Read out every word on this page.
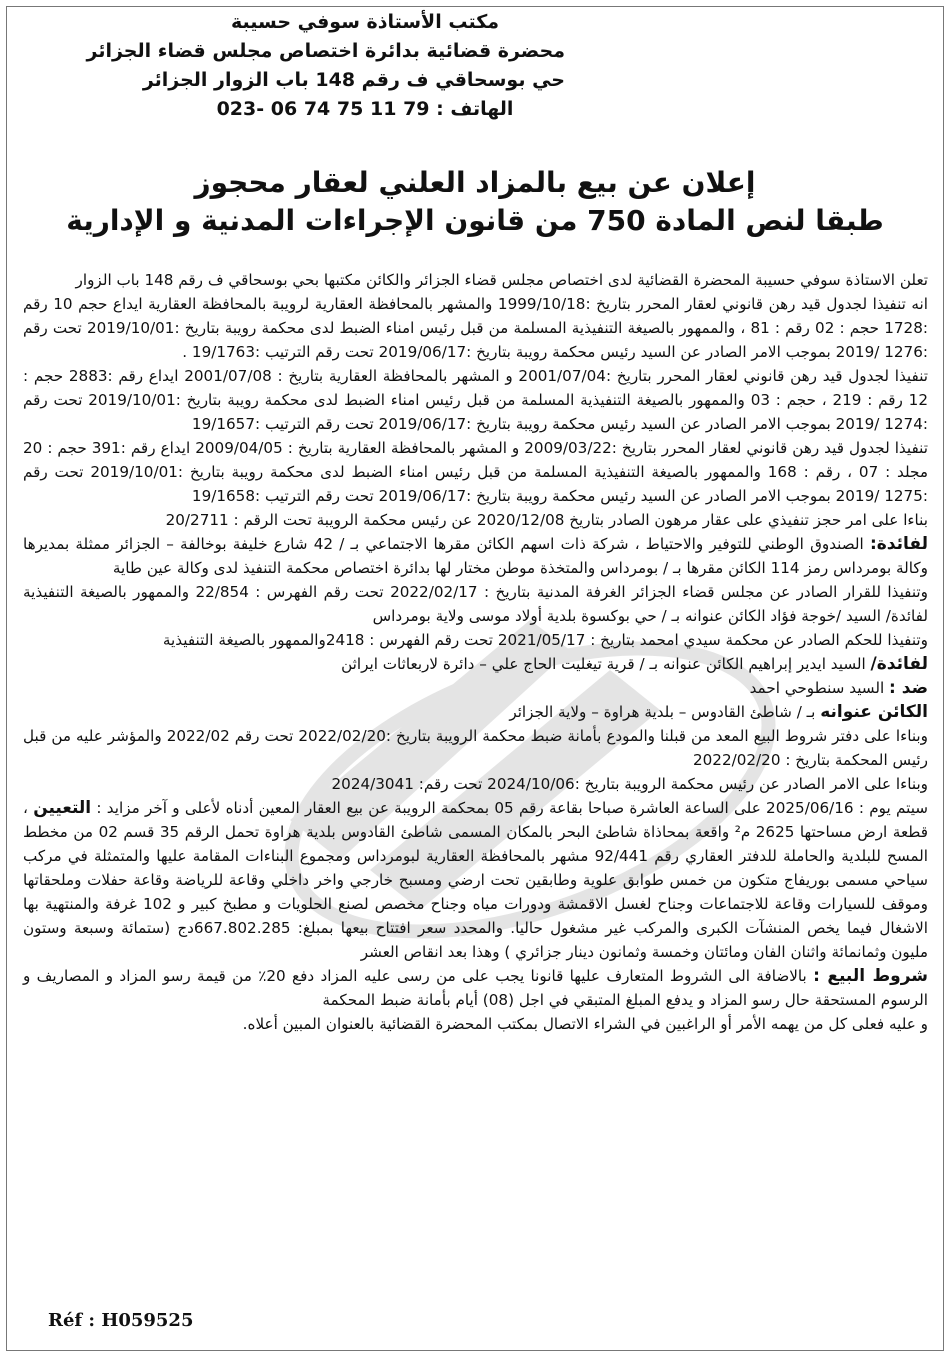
مكتب الأستاذة سوفي حسيبة
محضرة قضائية بدائرة اختصاص مجلس قضاء الجزائر
حي بوسحاقي ف رقم 148 باب الزوار الجزائر
الهاتف : 79 11 75 74 06 -023
إعلان عن بيع بالمزاد العلني لعقار محجوز
طبقا لنص المادة 750 من قانون الإجراءات المدنية و الإدارية

تعلن الاستاذة سوفي حسيبة المحضرة القضائية لدى اختصاص مجلس قضاء الجزائر والكائن مكتبها بحي بوسحاقي ف رقم 148 باب الزوار

انه تنفيذا لجدول قيد رهن قانوني لعقار المحرر بتاريخ :1999/10/18 والمشهر بالمحافظة العقارية لرويبة بالمحافظة العقارية ايداع حجم 10 رقم :1728 حجم : 02 رقم : 81 ، والممهور بالصيغة التنفيذية المسلمة من قبل رئيس امناء الضبط لدى محكمة رويبة بتاريخ :2019/10/01 تحت رقم :1276 /2019 بموجب الامر الصادر عن السيد رئيس محكمة رويبة بتاريخ :2019/06/17 تحت رقم الترتيب :19/1763 .

تنفيذا لجدول قيد رهن قانوني لعقار المحرر بتاريخ :2001/07/04 و المشهر بالمحافظة العقارية بتاريخ : 2001/07/08 ايداع رقم :2883 حجم : 12 رقم : 219 ، حجم : 03 والممهور بالصيغة التنفيذية المسلمة من قبل رئيس امناء الضبط لدى محكمة رويبة بتاريخ :2019/10/01 تحت رقم :1274 /2019 بموجب الامر الصادر عن السيد رئيس محكمة رويبة بتاريخ :2019/06/17 تحت رقم الترتيب :19/1657

تنفيذا لجدول قيد رهن قانوني لعقار المحرر بتاريخ :2009/03/22 و المشهر بالمحافظة العقارية بتاريخ : 2009/04/05 ايداع رقم :391 حجم : 20 مجلد : 07 ، رقم : 168 والممهور بالصيغة التنفيذية المسلمة من قبل رئيس امناء الضبط لدى محكمة رويبة بتاريخ :2019/10/01 تحت رقم :1275 /2019 بموجب الامر الصادر عن السيد رئيس محكمة رويبة بتاريخ :2019/06/17 تحت رقم الترتيب :19/1658

بناءا على امر حجز تنفيذي على عقار مرهون الصادر بتاريخ 2020/12/08 عن رئيس محكمة الرويبة تحت الرقم : 20/2711

لفائدة: الصندوق الوطني للتوفير والاحتياط ، شركة ذات اسهم الكائن مقرها الاجتماعي بـ / 42 شارع خليفة بوخالفة – الجزائر ممثلة بمديرها وكالة بومرداس رمز 114 الكائن مقرها بـ / بومرداس والمتخذة موطن مختار لها بدائرة اختصاص محكمة التنفيذ لدى وكالة عين طاية

وتنفيذا للقرار الصادر عن مجلس قضاء الجزائر الغرفة المدنية بتاريخ : 2022/02/17 تحت رقم الفهرس : 22/854 والممهور بالصيغة التنفيذية لفائدة/ السيد /خوجة فؤاد الكائن عنوانه بـ / حي بوكسوة بلدية أولاد موسى ولاية بومرداس

وتنفيذا للحكم الصادر عن محكمة سيدي امحمد بتاريخ : 2021/05/17 تحت رقم الفهرس : 2418والممهور بالصيغة التنفيذية

لفائدة/ السيد ايدير إبراهيم الكائن عنوانه بـ / قرية تيغليت الحاج علي – دائرة لاربعاثات ايراثن

ضد : السيد سنطوحي احمد

الكائن عنوانه بـ / شاطئ القادوس – بلدية هراوة – ولاية الجزائر

وبناءا على دفتر شروط البيع المعد من قبلنا والمودع بأمانة ضبط محكمة الرويبة بتاريخ :2022/02/20 تحت رقم 2022/02 والمؤشر عليه من قبل رئيس المحكمة بتاريخ : 2022/02/20

وبناءا على الامر الصادر عن رئيس محكمة الرويبة بتاريخ :2024/10/06 تحت رقم: 2024/3041

سيتم يوم : 2025/06/16 على الساعة العاشرة صباحا بقاعة رقم 05 بمحكمة الرويبة عن بيع العقار المعين أدناه لأعلى و آخر مزايد : التعيين ، قطعة ارض مساحتها 2625 م² واقعة بمحاذاة شاطئ البحر بالمكان المسمى شاطئ القادوس بلدية هراوة تحمل الرقم 35 قسم 02 من مخطط المسح للبلدية والحاملة للدفتر العقاري رقم 92/441 مشهر بالمحافظة العقارية لبومرداس ومجموع البناءات المقامة عليها والمتمثلة في مركب سياحي مسمى بوريفاج متكون من خمس طوابق علوية وطابقين تحت ارضي ومسبح خارجي واخر داخلي وقاعة للرياضة وقاعة حفلات وملحقاتها وموقف للسيارات وقاعة للاجتماعات وجناح لغسل الاقمشة ودورات مياه وجناح مخصص لصنع الحلويات و مطبخ كبير و 102 غرفة والمنتهية بها الاشغال فيما يخص المنشآت الكبرى والمركب غير مشغول حاليا. والمحدد سعر افتتاح بيعها بمبلغ: 667.802.285دج (ستمائة وسبعة وستون مليون وثمانمائة واثنان الفان ومائتان وخمسة وثمانون دينار جزائري ) وهذا بعد انقاص العشر

شروط البيع : بالاضافة الى الشروط المتعارف عليها قانونا يجب على من رسى عليه المزاد دفع 20٪ من قيمة رسو المزاد و المصاريف و الرسوم المستحقة حال رسو المزاد و يدفع المبلغ المتبقي في اجل (08) أيام بأمانة ضبط المحكمة

و عليه فعلى كل من يهمه الأمر أو الراغبين في الشراء الاتصال بمكتب المحضرة القضائية بالعنوان المبين أعلاه.

Réf : H059525
